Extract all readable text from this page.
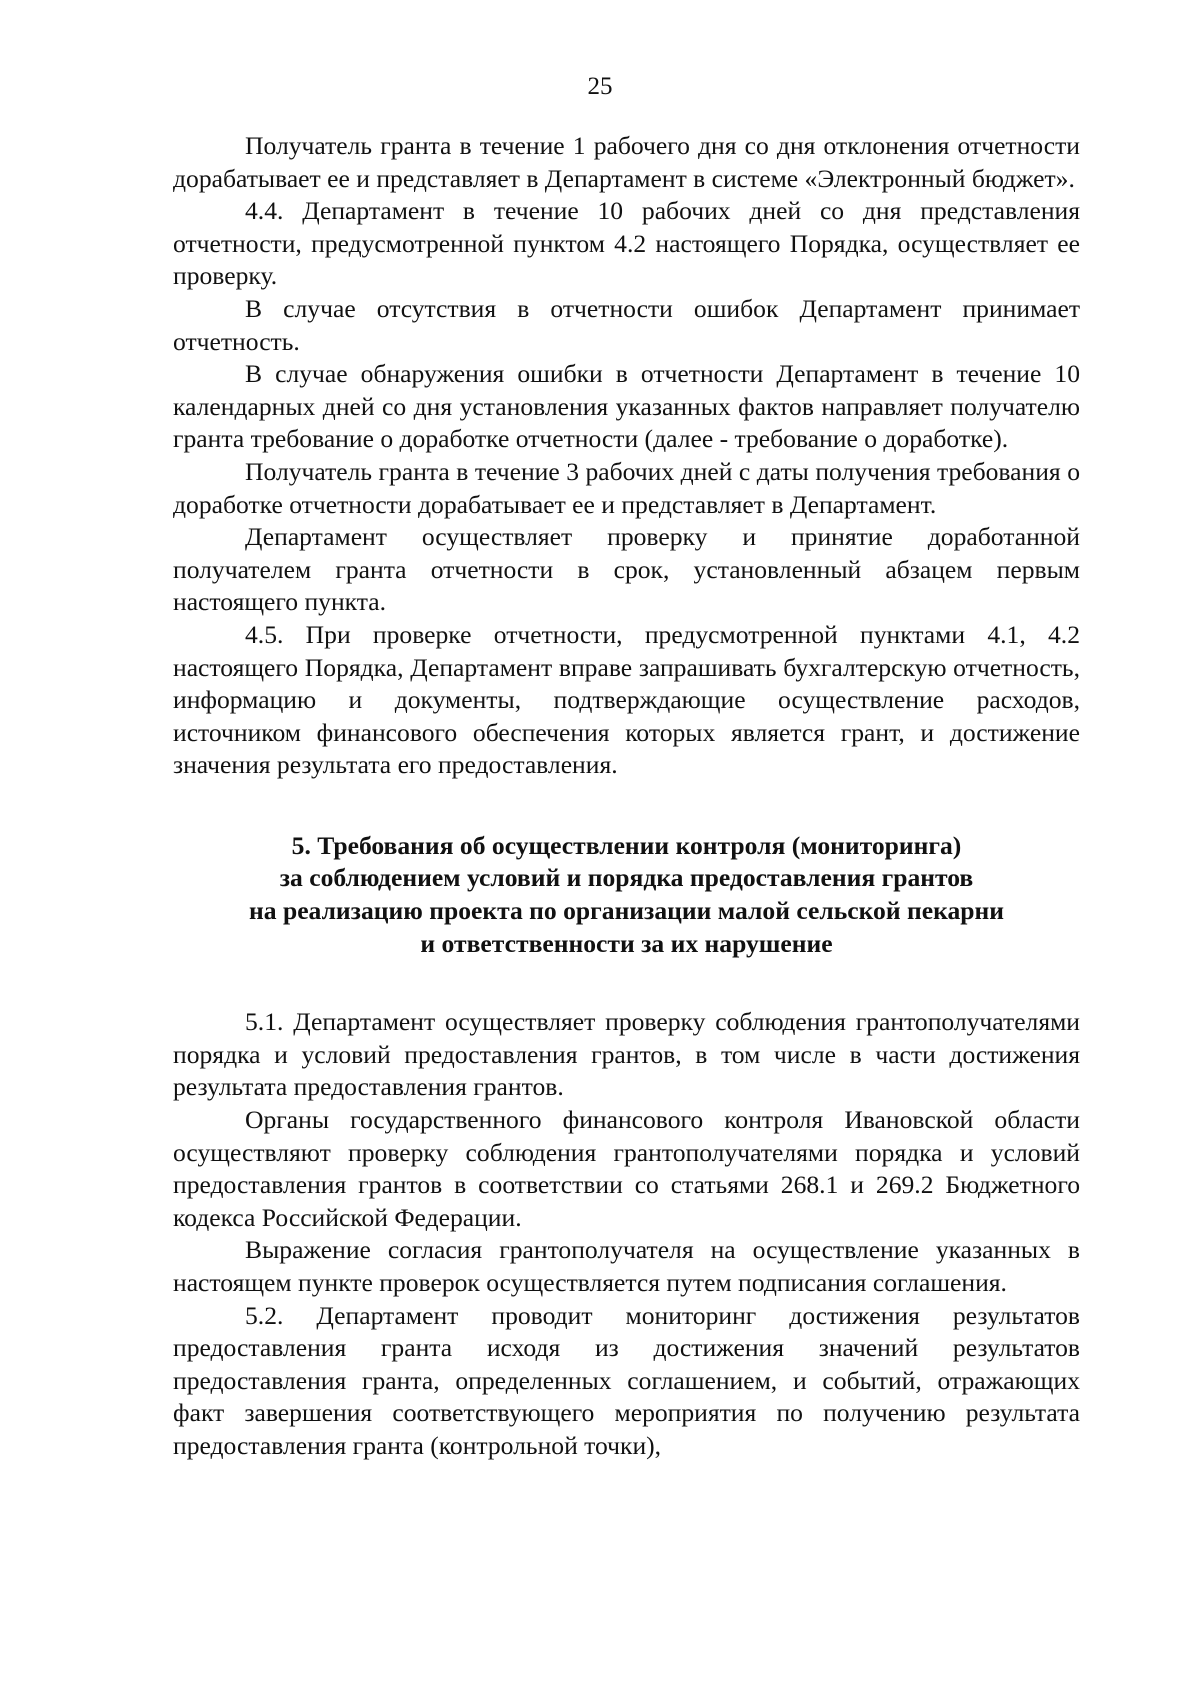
25

Получатель гранта в течение 1 рабочего дня со дня отклонения отчетности дорабатывает ее и представляет в Департамент в системе «Электронный бюджет».

4.4. Департамент в течение 10 рабочих дней со дня представления отчетности, предусмотренной пунктом 4.2 настоящего Порядка, осуществляет ее проверку.

В случае отсутствия в отчетности ошибок Департамент принимает отчетность.

В случае обнаружения ошибки в отчетности Департамент в течение 10 календарных дней со дня установления указанных фактов направляет получателю гранта требование о доработке отчетности (далее - требование о доработке).

Получатель гранта в течение 3 рабочих дней с даты получения требования о доработке отчетности дорабатывает ее и представляет в Департамент.

Департамент осуществляет проверку и принятие доработанной получателем гранта отчетности в срок, установленный абзацем первым настоящего пункта.

4.5. При проверке отчетности, предусмотренной пунктами 4.1, 4.2 настоящего Порядка, Департамент вправе запрашивать бухгалтерскую отчетность, информацию и документы, подтверждающие осуществление расходов, источником финансового обеспечения которых является грант, и достижение значения результата его предоставления.

5. Требования об осуществлении контроля (мониторинга)
за соблюдением условий и порядка предоставления грантов
на реализацию проекта по организации малой сельской пекарни
и ответственности за их нарушение

5.1. Департамент осуществляет проверку соблюдения грантополучателями порядка и условий предоставления грантов, в том числе в части достижения результата предоставления грантов.

Органы государственного финансового контроля Ивановской области осуществляют проверку соблюдения грантополучателями порядка и условий предоставления грантов в соответствии со статьями 268.1 и 269.2 Бюджетного кодекса Российской Федерации.

Выражение согласия грантополучателя на осуществление указанных в настоящем пункте проверок осуществляется путем подписания соглашения.

5.2. Департамент проводит мониторинг достижения результатов предоставления гранта исходя из достижения значений результатов предоставления гранта, определенных соглашением, и событий, отражающих факт завершения соответствующего мероприятия по получению результата предоставления гранта (контрольной точки),
